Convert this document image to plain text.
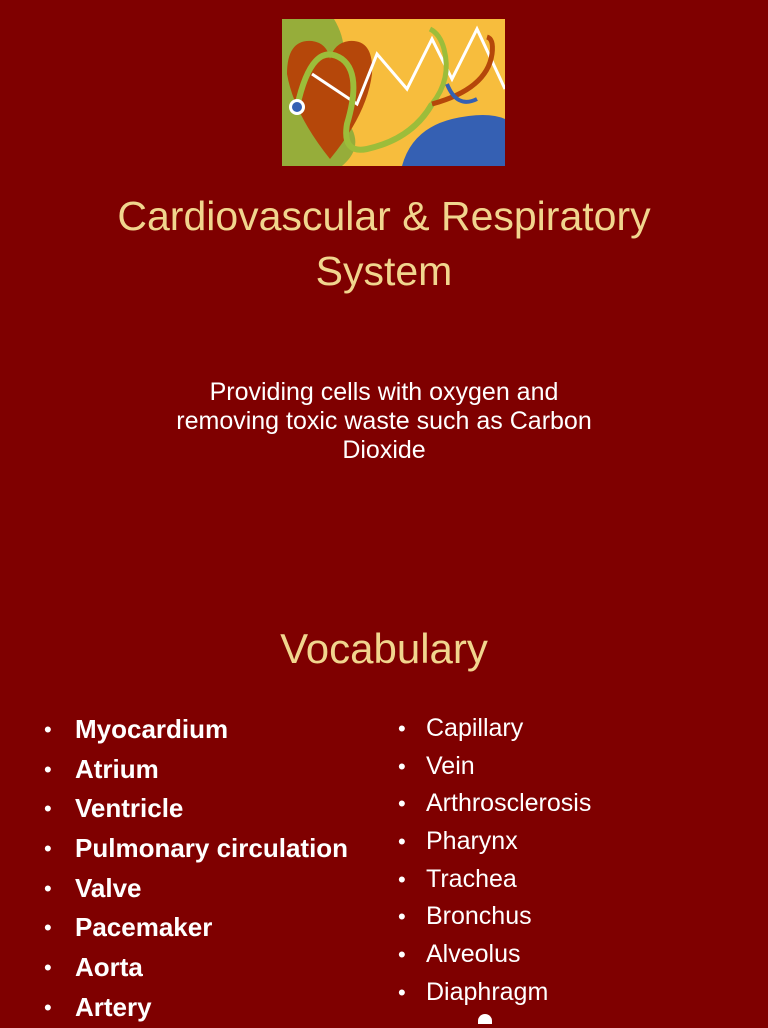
Cardiovascular & Respiratory
System
Providing cells with oxygen and
removing toxic waste such as Carbon
Dioxide
Vocabulary
• Myocardium
• Atrium
• Ventricle
• Pulmonary circulation
• Valve
• Pacemaker
• Aorta
• Artery
• Capillary
• Vein
• Arthrosclerosis
• Pharynx
• Trachea
• Bronchus
• Alveolus
• Diaphragm
